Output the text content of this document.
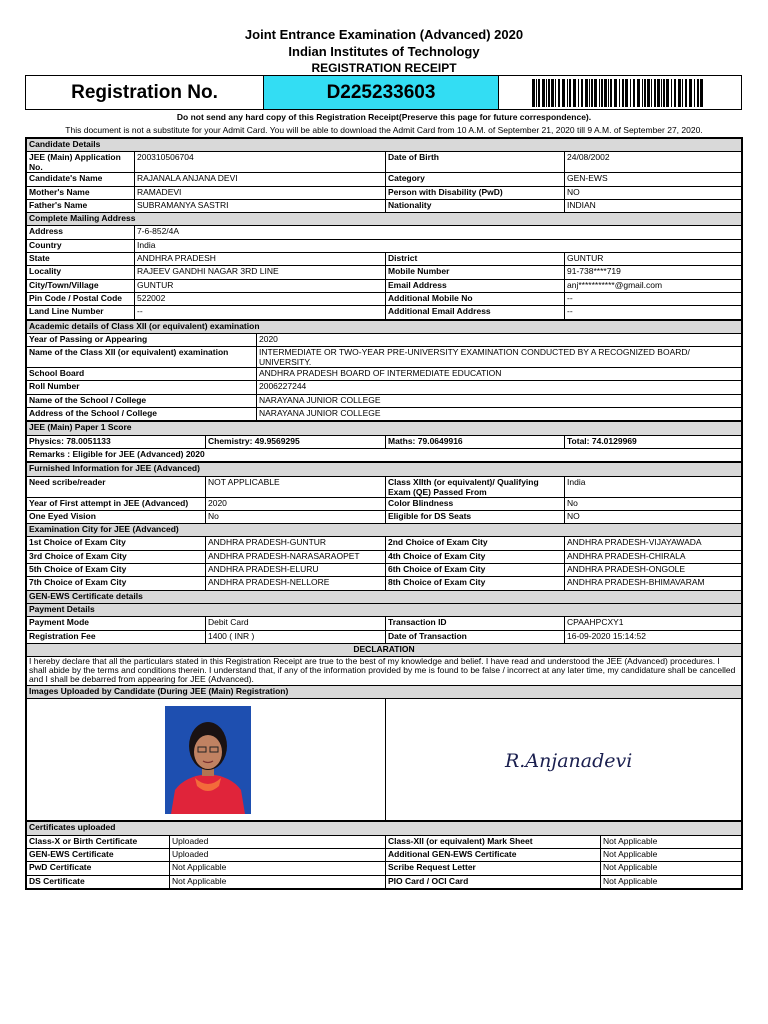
Joint Entrance Examination (Advanced) 2020
Indian Institutes of Technology
REGISTRATION RECEIPT
Registration No.	D225233603
Do not send any hard copy of this Registration Receipt(Preserve this page for future correspondence).
This document is not a substitute for your Admit Card. You will be able to download the Admit Card from 10 A.M. of September 21, 2020 till 9 A.M. of September 27, 2020.
Candidate Details			
JEE (Main) Application No.	200310506704	Date of Birth	24/08/2002
Candidate's Name	RAJANALA ANJANA DEVI	Category	GEN-EWS
Mother's Name	RAMADEVI	Person with Disability (PwD)	NO
Father's Name	SUBRAMANYA SASTRI	Nationality	INDIAN
Complete Mailing Address			
Address	7-6-852/4A		
Country	India		
State	ANDHRA PRADESH	District	GUNTUR
Locality	RAJEEV GANDHI NAGAR 3RD LINE	Mobile Number	91-738****719
City/Town/Village	GUNTUR	Email Address	anj***********@gmail.com
Pin Code / Postal Code	522002	Additional Mobile No	--
Land Line Number	--	Additional Email Address	--
Academic details of Class XII (or equivalent) examination	
Year of Passing or Appearing	2020
Name of the Class XII (or equivalent) examination	INTERMEDIATE OR TWO-YEAR PRE-UNIVERSITY EXAMINATION CONDUCTED BY A RECOGNIZED BOARD/ UNIVERSITY.
School Board	ANDHRA PRADESH BOARD OF INTERMEDIATE EDUCATION
Roll Number	2006227244
Name of the School / College	NARAYANA JUNIOR COLLEGE
Address of the School / College	NARAYANA JUNIOR COLLEGE
JEE (Main) Paper 1 Score
Physics: 78.0051133	Chemistry: 49.9569295	Maths: 79.0649916	Total: 74.0129969
Remarks : Eligible for JEE (Advanced) 2020
Furnished Information for JEE (Advanced)			
Need scribe/reader	NOT APPLICABLE	Class XIIth (or equivalent)/ Qualifying Exam (QE) Passed From	India
Year of First attempt in JEE (Advanced)	2020	Color Blindness	No
One Eyed Vision	No	Eligible for DS Seats	NO
Examination City for JEE (Advanced)			
1st Choice of Exam City	ANDHRA PRADESH-GUNTUR	2nd Choice of Exam City	ANDHRA PRADESH-VIJAYAWADA
3rd Choice of Exam City	ANDHRA PRADESH-NARASARAOPET	4th Choice of Exam City	ANDHRA PRADESH-CHIRALA
5th Choice of Exam City	ANDHRA PRADESH-ELURU	6th Choice of Exam City	ANDHRA PRADESH-ONGOLE
7th Choice of Exam City	ANDHRA PRADESH-NELLORE	8th Choice of Exam City	ANDHRA PRADESH-BHIMAVARAM
GEN-EWS Certificate details			
Payment Details			
Payment Mode	Debit Card	Transaction ID	CPAAHPCXY1
Registration Fee	1400 ( INR )	Date of Transaction	16-09-2020 15:14:52
DECLARATION			
I hereby declare that all the particulars stated in this Registration Receipt are true to the best of my knowledge and belief. I have read and understood the JEE (Advanced) procedures. I shall abide by the terms and conditions therein. I understand that, if any of the information provided by me is found to be false / incorrect at any later time, my candidature shall be cancelled and I shall be debarred from appearing for JEE (Advanced).			
Images Uploaded by Candidate (During JEE (Main) Registration)			

R.Anjanadevi	
Certificates uploaded			
Class-X or Birth Certificate	Uploaded	Class-XII (or equivalent) Mark Sheet	Not Applicable
GEN-EWS Certificate	Uploaded	Additional GEN-EWS Certificate	Not Applicable
PwD Certificate	Not Applicable	Scribe Request Letter	Not Applicable
DS Certificate	Not Applicable	PIO Card / OCI Card	Not Applicable
